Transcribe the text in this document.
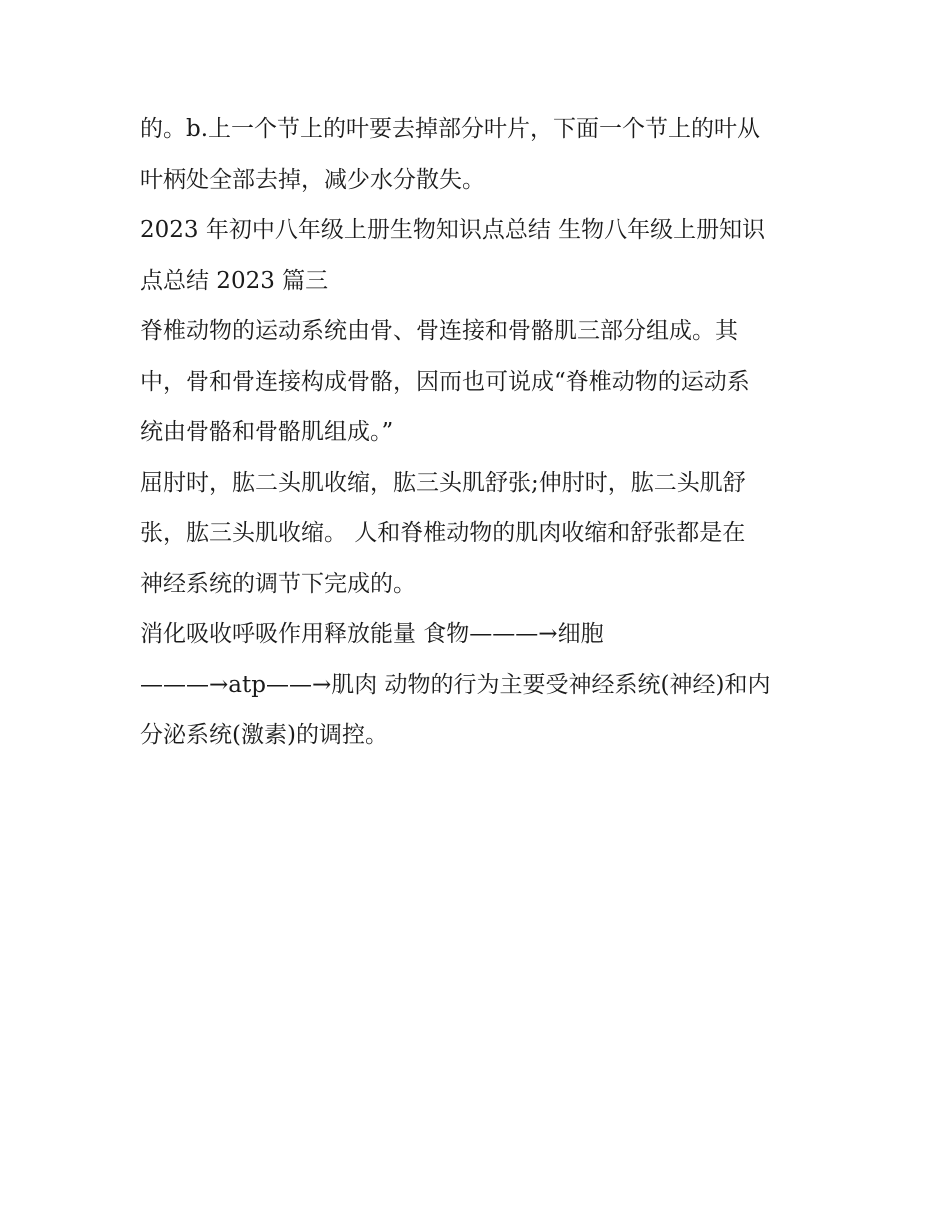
的。b.上一个节上的叶要去掉部分叶片，下面一个节上的叶从
叶柄处全部去掉，减少水分散失。
2023 年初中八年级上册生物知识点总结 生物八年级上册知识
点总结 2023 篇三
脊椎动物的运动系统由骨、骨连接和骨骼肌三部分组成。其
中，骨和骨连接构成骨骼，因而也可说成“脊椎动物的运动系
统由骨骼和骨骼肌组成。”
屈肘时，肱二头肌收缩，肱三头肌舒张;伸肘时，肱二头肌舒
张，肱三头肌收缩。 人和脊椎动物的肌肉收缩和舒张都是在
神经系统的调节下完成的。
消化吸收呼吸作用释放能量 食物———→细胞
———→atp——→肌肉 动物的行为主要受神经系统(神经)和内
分泌系统(激素)的调控。
